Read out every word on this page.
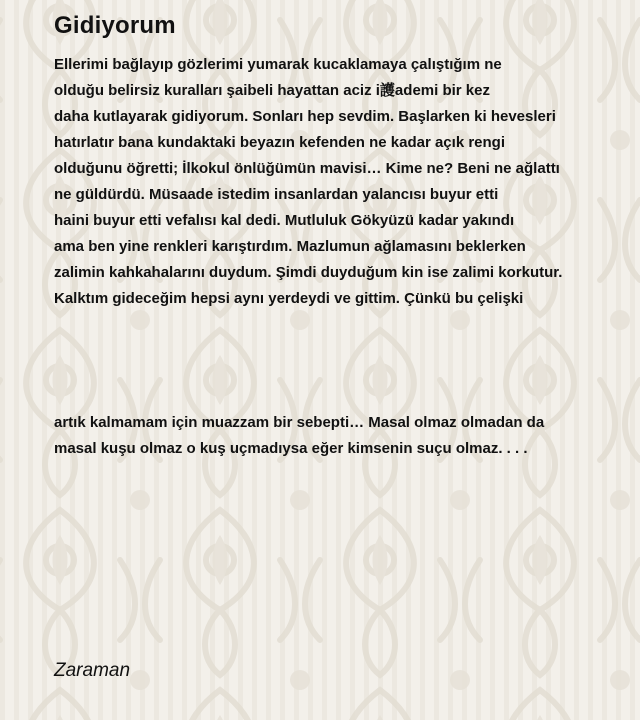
Gidiyorum

Ellerimi bağlayıp gözlerimi yumarak kucaklamaya çalıştığım ne
olduğu belirsiz kuralları şaibeli hayattan aciz i護ademi bir kez
daha kutlayarak gidiyorum. Sonları hep sevdim. Başlarken ki hevesleri
hatırlatır bana kundaktaki beyazın kefenden ne kadar açık rengi
olduğunu öğretti; İlkokul önlüğümün mavisi… Kime ne? Beni ne ağlattı
ne güldürdü. Müsaade istedim insanlardan yalancısı buyur etti
haini buyur etti vefalısı kal dedi. Mutluluk Gökyüzü kadar yakındı
ama ben yine renkleri karıştırdım. Mazlumun ağlamasını beklerken
zalimin kahkahalarını duydum. Şimdi duyduğum kin ise zalimi korkutur.
Kalktım gideceğim hepsi aynı yerdeydi ve gittim. Çünkü bu çelişki

artık kalmamam için muazzam bir sebepti… Masal olmaz olmadan da
masal kuşu olmaz o kuş uçmadıysa eğer kimsenin suçu olmaz. . . .

Zaraman
